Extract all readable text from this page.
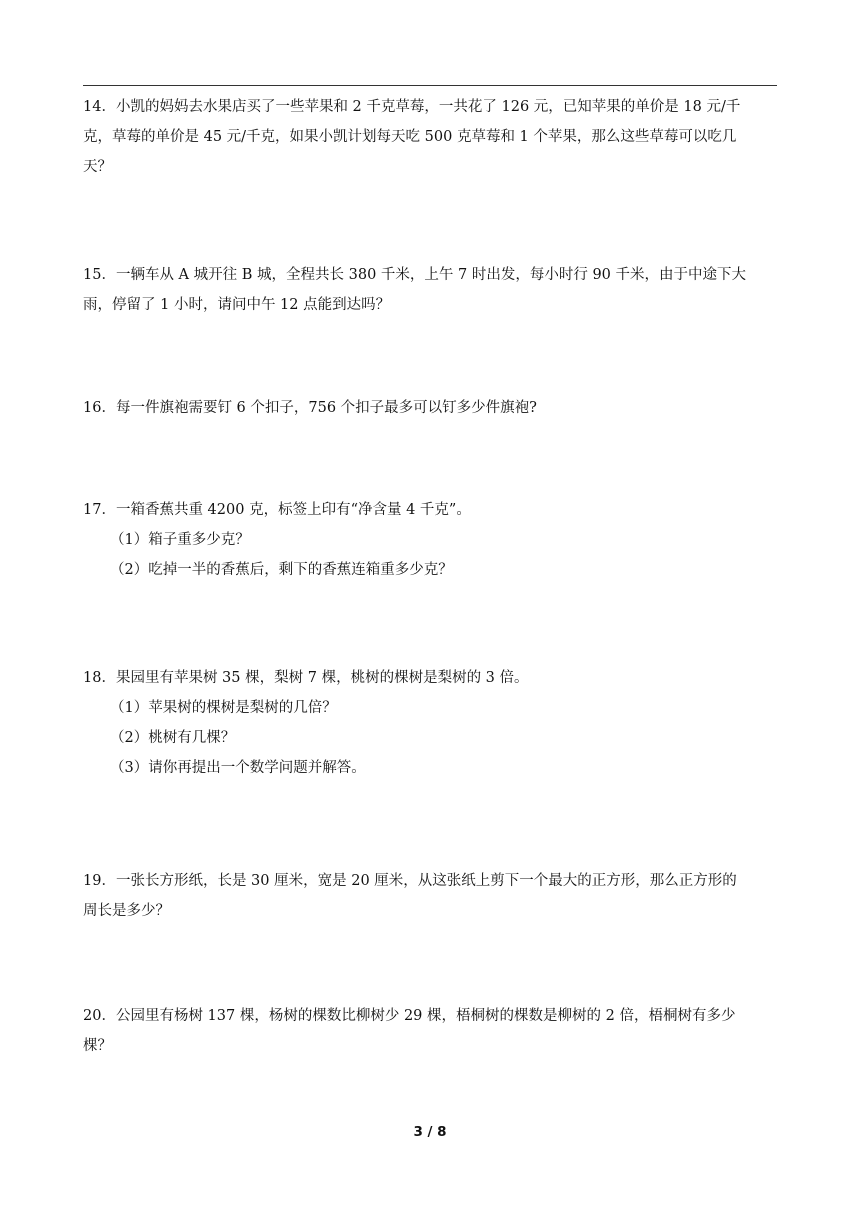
14．小凯的妈妈去水果店买了一些苹果和 2 千克草莓，一共花了 126 元，已知苹果的单价是 18 元/千

克，草莓的单价是 45 元/千克，如果小凯计划每天吃 500 克草莓和 1 个苹果，那么这些草莓可以吃几

天？

15．一辆车从 A 城开往 B 城，全程共长 380 千米，上午 7 时出发，每小时行 90 千米，由于中途下大

雨，停留了 1 小时，请问中午 12 点能到达吗？

16．每一件旗袍需要钉 6 个扣子，756 个扣子最多可以钉多少件旗袍?

17．一箱香蕉共重 4200 克，标签上印有“净含量 4 千克”。

（1）箱子重多少克？

（2）吃掉一半的香蕉后，剩下的香蕉连箱重多少克？

18．果园里有苹果树 35 棵，梨树 7 棵，桃树的棵树是梨树的 3 倍。

（1）苹果树的棵树是梨树的几倍？

（2）桃树有几棵？

（3）请你再提出一个数学问题并解答。

19．一张长方形纸，长是 30 厘米，宽是 20 厘米，从这张纸上剪下一个最大的正方形，那么正方形的

周长是多少？

20．公园里有杨树 137 棵，杨树的棵数比柳树少 29 棵，梧桐树的棵数是柳树的 2 倍，梧桐树有多少

棵？

3 / 8
